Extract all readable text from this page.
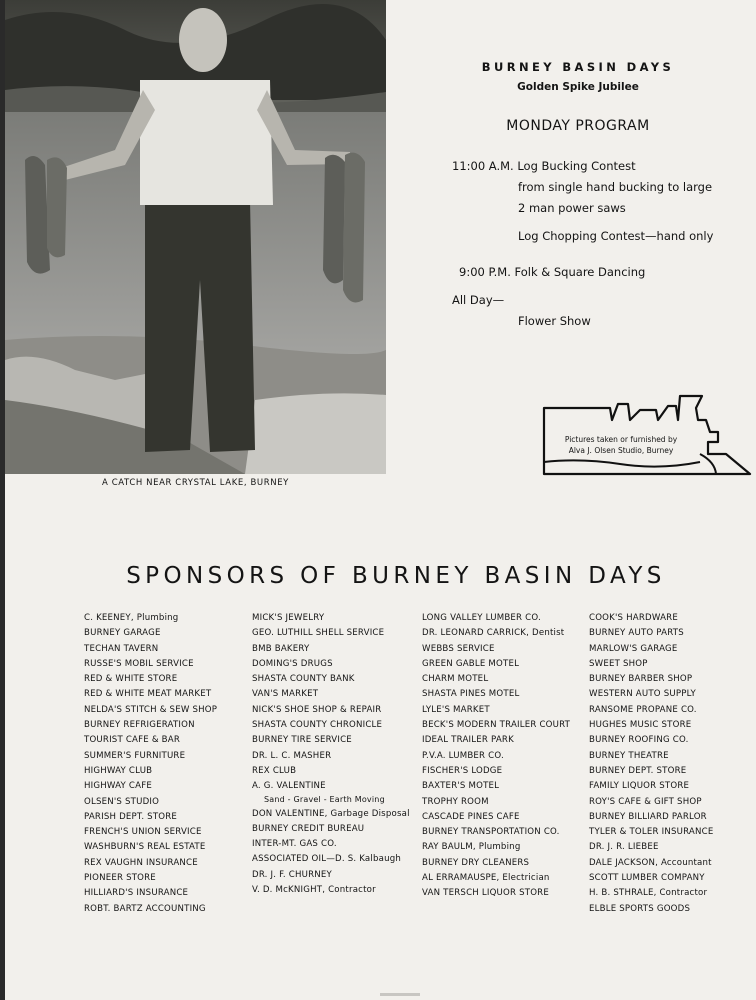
A CATCH NEAR CRYSTAL LAKE, BURNEY
BURNEY BASIN DAYS
Golden Spike Jubilee
MONDAY PROGRAM
11:00 A.M. Log Bucking Contest
from single hand bucking to large
2 man power saws
Log Chopping Contest—hand only
9:00 P.M. Folk & Square Dancing
All Day—
Flower Show
Pictures taken or furnished by
Alva J. Olsen Studio, Burney
SPONSORS OF BURNEY BASIN DAYS
C. KEENEY, Plumbing
BURNEY GARAGE
TECHAN TAVERN
RUSSE'S MOBIL SERVICE
RED & WHITE STORE
RED & WHITE MEAT MARKET
NELDA'S STITCH & SEW SHOP
BURNEY REFRIGERATION
TOURIST CAFE & BAR
SUMMER'S FURNITURE
HIGHWAY CLUB
HIGHWAY CAFE
OLSEN'S STUDIO
PARISH DEPT. STORE
FRENCH'S UNION SERVICE
WASHBURN'S REAL ESTATE
REX VAUGHN INSURANCE
PIONEER STORE
HILLIARD'S INSURANCE
ROBT. BARTZ ACCOUNTING
MICK'S JEWELRY
GEO. LUTHILL SHELL SERVICE
BMB BAKERY
DOMING'S DRUGS
SHASTA COUNTY BANK
VAN'S MARKET
NICK'S SHOE SHOP & REPAIR
SHASTA COUNTY CHRONICLE
BURNEY TIRE SERVICE
DR. L. C. MASHER
REX CLUB
A. G. VALENTINE
Sand - Gravel - Earth Moving
DON VALENTINE, Garbage Disposal
BURNEY CREDIT BUREAU
INTER-MT. GAS CO.
ASSOCIATED OIL—D. S. Kalbaugh
DR. J. F. CHURNEY
V. D. McKNIGHT, Contractor
LONG VALLEY LUMBER CO.
DR. LEONARD CARRICK, Dentist
WEBBS SERVICE
GREEN GABLE MOTEL
CHARM MOTEL
SHASTA PINES MOTEL
LYLE'S MARKET
BECK'S MODERN TRAILER COURT
IDEAL TRAILER PARK
P.V.A. LUMBER CO.
FISCHER'S LODGE
BAXTER'S MOTEL
TROPHY ROOM
CASCADE PINES CAFE
BURNEY TRANSPORTATION CO.
RAY BAULM, Plumbing
BURNEY DRY CLEANERS
AL ERRAMAUSPE, Electrician
VAN TERSCH LIQUOR STORE
COOK'S HARDWARE
BURNEY AUTO PARTS
MARLOW'S GARAGE
SWEET SHOP
BURNEY BARBER SHOP
WESTERN AUTO SUPPLY
RANSOME PROPANE CO.
HUGHES MUSIC STORE
BURNEY ROOFING CO.
BURNEY THEATRE
BURNEY DEPT. STORE
FAMILY LIQUOR STORE
ROY'S CAFE & GIFT SHOP
BURNEY BILLIARD PARLOR
TYLER & TOLER INSURANCE
DR. J. R. LIEBEE
DALE JACKSON, Accountant
SCOTT LUMBER COMPANY
H. B. STHRALE, Contractor
ELBLE SPORTS GOODS
